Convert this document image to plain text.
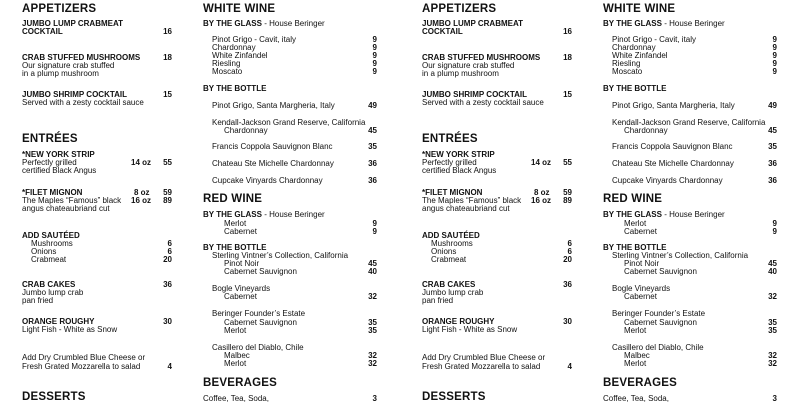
APPETIZERS
JUMBO LUMP CRABMEAT
COCKTAIL	16
CRAB STUFFED MUSHROOMS	18
Our signature crab stuffed
in a plump mushroom
JUMBO SHRIMP COCKTAIL	15
Served with a zesty cocktail sauce
ENTRÉES
*NEW YORK STRIP
Perfectly grilled	14 oz	55
certified Black Angus
*FILET MIGNON	8 oz	59
The Maples “Famous” black 16 oz	89
angus chateaubriand cut
ADD SAUTÉED
Mushrooms	6
Onions	6
Crabmeat	20
CRAB CAKES	36
Jumbo lump crab
pan fried
ORANGE ROUGHY	30
Light Fish - White as Snow
Add Dry Crumbled Blue Cheese or
Fresh Grated Mozzarella to salad	4
DESSERTS
WHITE WINE
BY THE GLASS - House Beringer
Pinot Grigo - Cavit, italy	9
Chardonnay	9
White Zinfandel	9
Riesling	9
Moscato	9
BY THE BOTTLE
Pinot Grigo, Santa Margheria, Italy	49
Kendall-Jackson Grand Reserve, California
Chardonnay	45
Francis Coppola Sauvignon Blanc	35
Chateau Ste Michelle Chardonnay	36
Cupcake Vinyards Chardonnay	36
RED WINE
BY THE GLASS - House Beringer
Merlot	9
Cabernet	9
BY THE BOTTLE
Sterling Vintner’s Collection, California
Pinot Noir	45
Cabernet Sauvignon	40
Bogle Vineyards
Cabernet	32
Beringer Founder’s Estate
Cabernet Sauvignon	35
Merlot	35
Casillero del Diablo, Chile
Malbec	32
Merlot	32
BEVERAGES
Coffee, Tea, Soda,	3
APPETIZERS
JUMBO LUMP CRABMEAT
COCKTAIL	16
CRAB STUFFED MUSHROOMS	18
Our signature crab stuffed
in a plump mushroom
JUMBO SHRIMP COCKTAIL	15
Served with a zesty cocktail sauce
ENTRÉES
*NEW YORK STRIP
Perfectly grilled	14 oz	55
certified Black Angus
*FILET MIGNON	8 oz	59
The Maples “Famous” black 16 oz	89
angus chateaubriand cut
ADD SAUTÉED
Mushrooms	6
Onions	6
Crabmeat	20
CRAB CAKES	36
Jumbo lump crab
pan fried
ORANGE ROUGHY	30
Light Fish - White as Snow
Add Dry Crumbled Blue Cheese or
Fresh Grated Mozzarella to salad	4
DESSERTS
WHITE WINE
BY THE GLASS - House Beringer
Pinot Grigo - Cavit, italy	9
Chardonnay	9
White Zinfandel	9
Riesling	9
Moscato	9
BY THE BOTTLE
Pinot Grigo, Santa Margheria, Italy	49
Kendall-Jackson Grand Reserve, California
Chardonnay	45
Francis Coppola Sauvignon Blanc	35
Chateau Ste Michelle Chardonnay	36
Cupcake Vinyards Chardonnay	36
RED WINE
BY THE GLASS - House Beringer
Merlot	9
Cabernet	9
BY THE BOTTLE
Sterling Vintner’s Collection, California
Pinot Noir	45
Cabernet Sauvignon	40
Bogle Vineyards
Cabernet	32
Beringer Founder’s Estate
Cabernet Sauvignon	35
Merlot	35
Casillero del Diablo, Chile
Malbec	32
Merlot	32
BEVERAGES
Coffee, Tea, Soda,	3
